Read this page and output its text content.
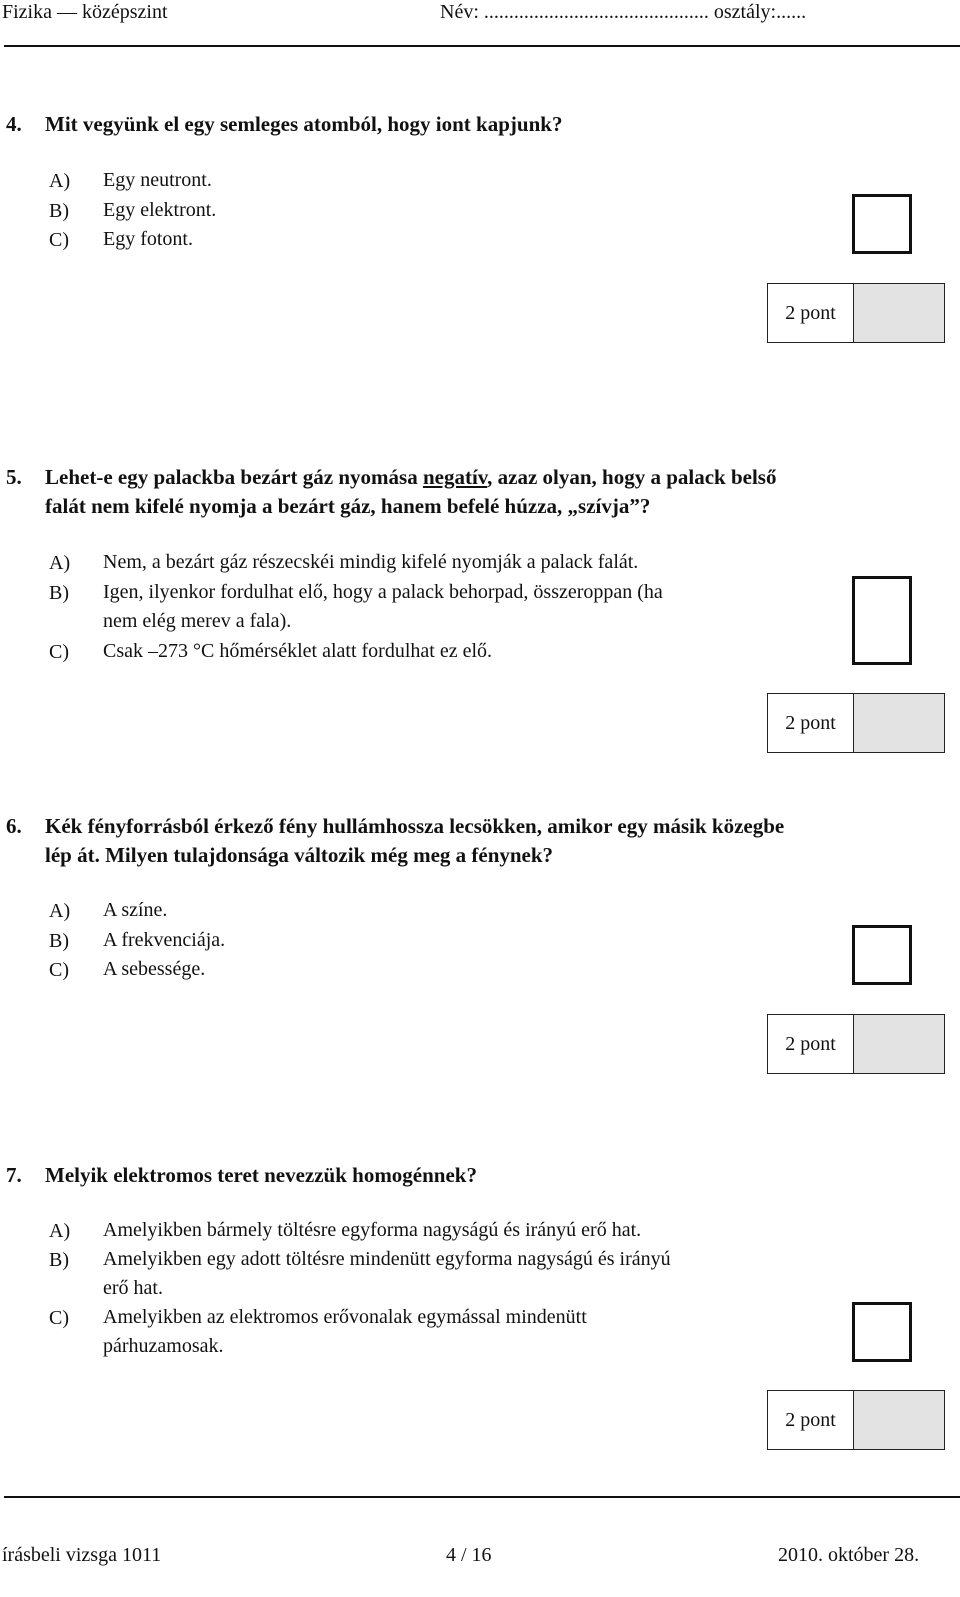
Fizika — középszint	Név: ............................................. osztály:......
4. Mit vegyünk el egy semleges atomból, hogy iont kapjunk?
A) Egy neutront.
B) Egy elektront.
C) Egy fotont.
2 pont
5. Lehet-e egy palackba bezárt gáz nyomása negatív, azaz olyan, hogy a palack belső
falát nem kifelé nyomja a bezárt gáz, hanem befelé húzza, „szívja”?
A) Nem, a bezárt gáz részecskéi mindig kifelé nyomják a palack falát.
B) Igen, ilyenkor fordulhat elő, hogy a palack behorpad, összeroppan (ha
nem elég merev a fala).
C) Csak –273 °C hőmérséklet alatt fordulhat ez elő.
2 pont
6. Kék fényforrásból érkező fény hullámhossza lecsökken, amikor egy másik közegbe
lép át. Milyen tulajdonsága változik még meg a fénynek?
A) A színe.
B) A frekvenciája.
C) A sebessége.
2 pont
7. Melyik elektromos teret nevezzük homogénnek?
A) Amelyikben bármely töltésre egyforma nagyságú és irányú erő hat.
B) Amelyikben egy adott töltésre mindenütt egyforma nagyságú és irányú
erő hat.
C) Amelyikben az elektromos erővonalak egymással mindenütt
párhuzamosak.
2 pont
írásbeli vizsga 1011	4 / 16	2010. október 28.
